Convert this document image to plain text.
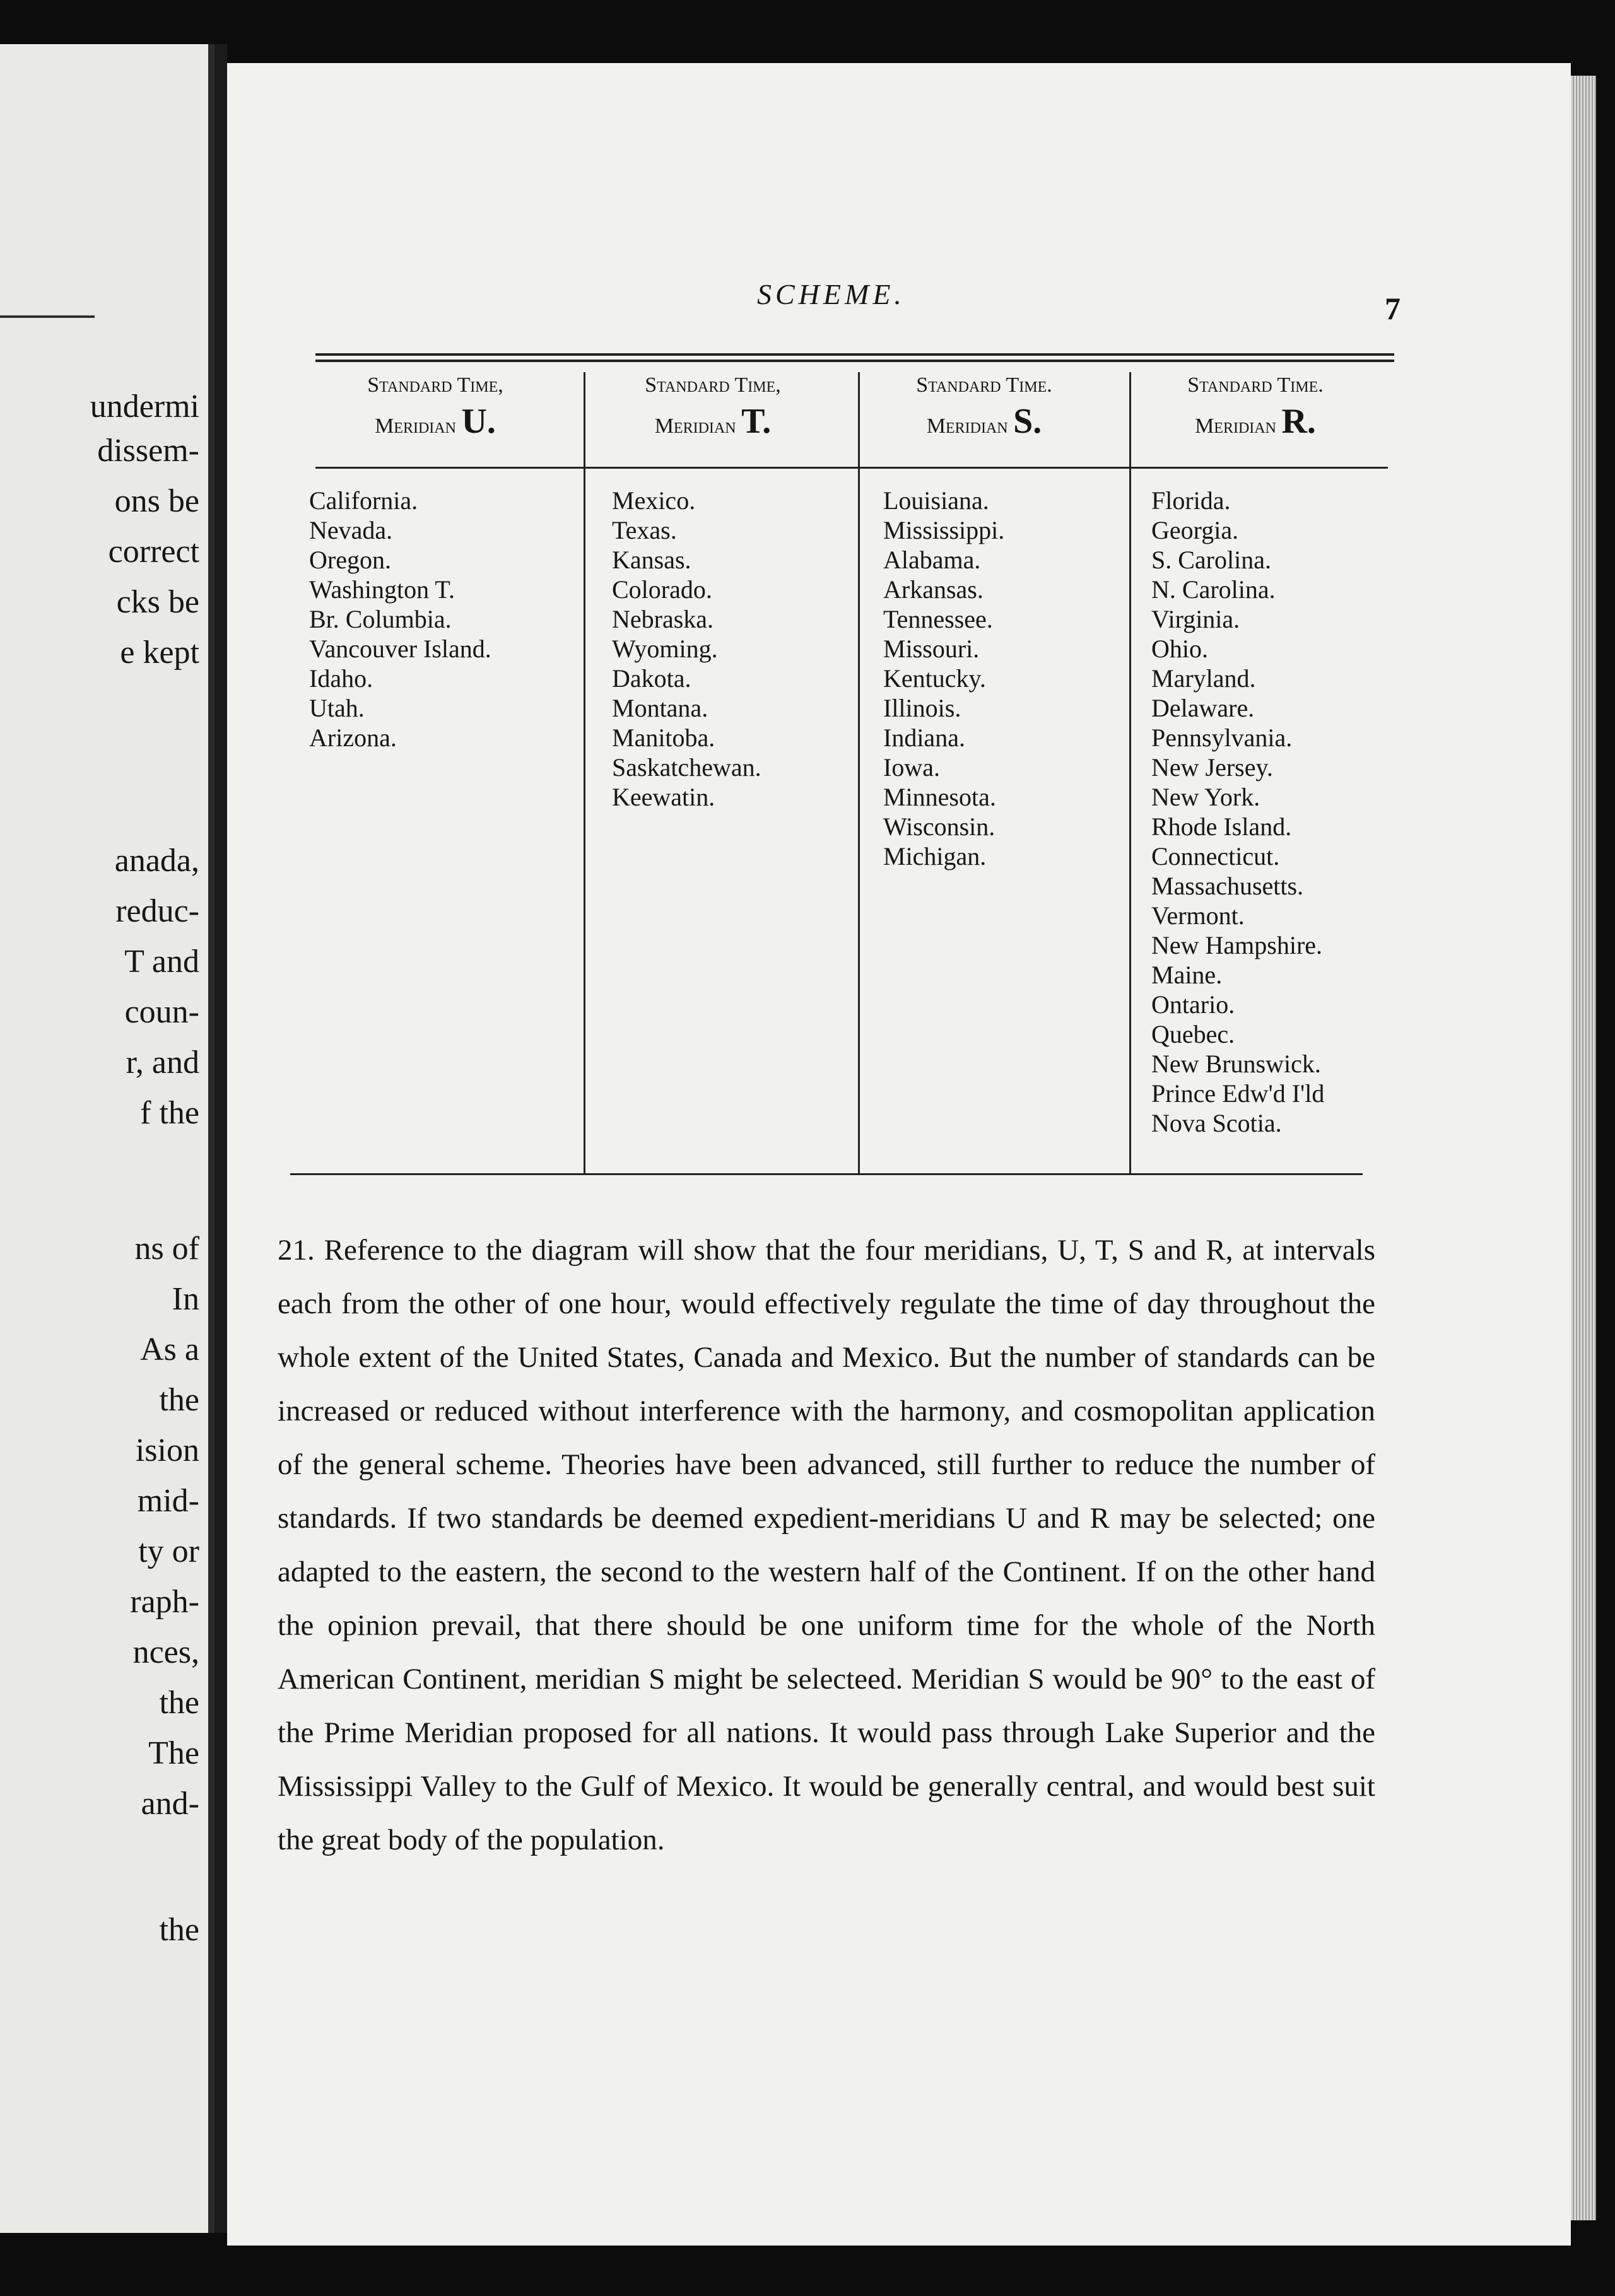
undermi
dissem-
ons be
correct
cks be
e kept
anada,
reduc-
T and
coun-
r, and
f the
ns of
In
As a
the
ision
mid-
ty or
raph-
nces,
the
The
and-
the
SCHEME.	7
Standard Time,
Meridian U.
Standard Time,
Meridian T.
Standard Time.
Meridian S.
Standard Time.
Meridian R.
California.
Nevada.
Oregon.
Washington T.
Br. Columbia.
Vancouver Island.
Idaho.
Utah.
Arizona.
Mexico.
Texas.
Kansas.
Colorado.
Nebraska.
Wyoming.
Dakota.
Montana.
Manitoba.
Saskatchewan.
Keewatin.
Louisiana.
Mississippi.
Alabama.
Arkansas.
Tennessee.
Missouri.
Kentucky.
Illinois.
Indiana.
Iowa.
Minnesota.
Wisconsin.
Michigan.
Florida.
Georgia.
S. Carolina.
N. Carolina.
Virginia.
Ohio.
Maryland.
Delaware.
Pennsylvania.
New Jersey.
New York.
Rhode Island.
Connecticut.
Massachusetts.
Vermont.
New Hampshire.
Maine.
Ontario.
Quebec.
New Brunswick.
Prince Edw'd I'ld
Nova Scotia.

21. Reference to the diagram will show that the four meridians, U, T, S and R, at intervals each from the other of one hour, would effectively regulate the time of day throughout the whole extent of the United States, Canada and Mexico. But the number of standards can be increased or reduced without interference with the harmony, and cosmopolitan application of the general scheme. Theories have been advanced, still further to reduce the number of standards. If two standards be deemed expedient-meridians U and R may be selected; one adapted to the eastern, the second to the western half of the Continent. If on the other hand the opinion prevail, that there should be one uniform time for the whole of the North American Continent, meridian S might be selecteed. Meridian S would be 90° to the east of the Prime Meridian proposed for all nations. It would pass through Lake Superior and the Mississippi Valley to the Gulf of Mexico. It would be generally central, and would best suit the great body of the population.
